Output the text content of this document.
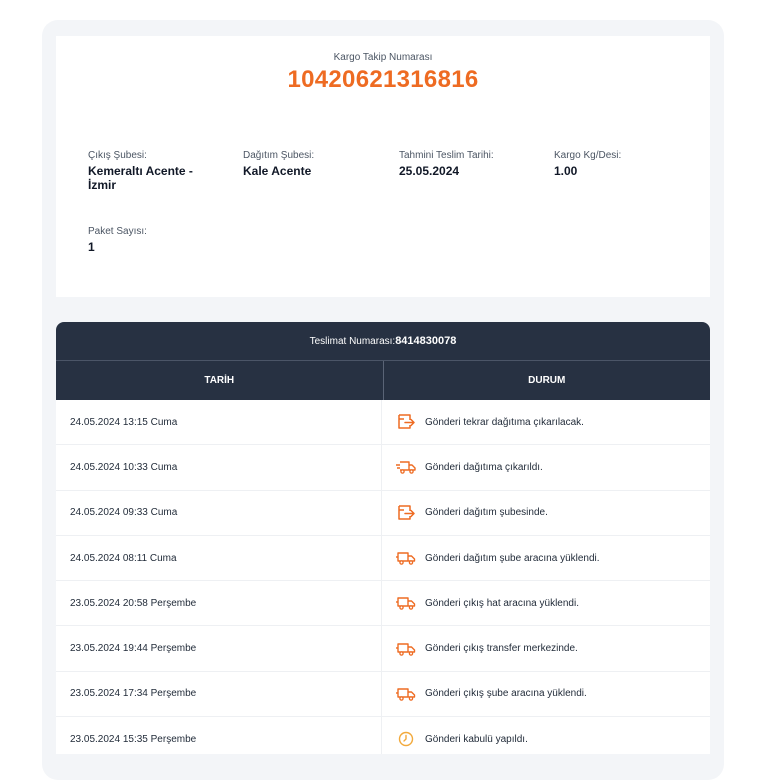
Kargo Takip Numarası
10420621316816
Çıkış Şubesi:
Kemeraltı Acente - İzmir
Dağıtım Şubesi:
Kale Acente
Tahmini Teslim Tarihi:
25.05.2024
Kargo Kg/Desi:
1.00
Paket Sayısı:
1
Teslimat Numarası:8414830078
TARİH	DURUM
24.05.2024 13:15 Cuma	Gönderi tekrar dağıtıma çıkarılacak.
24.05.2024 10:33 Cuma	Gönderi dağıtıma çıkarıldı.
24.05.2024 09:33 Cuma	Gönderi dağıtım şubesinde.
24.05.2024 08:11 Cuma	Gönderi dağıtım şube aracına yüklendi.
23.05.2024 20:58 Perşembe	Gönderi çıkış hat aracına yüklendi.
23.05.2024 19:44 Perşembe	Gönderi çıkış transfer merkezinde.
23.05.2024 17:34 Perşembe	Gönderi çıkış şube aracına yüklendi.
23.05.2024 15:35 Perşembe	Gönderi kabulü yapıldı.
